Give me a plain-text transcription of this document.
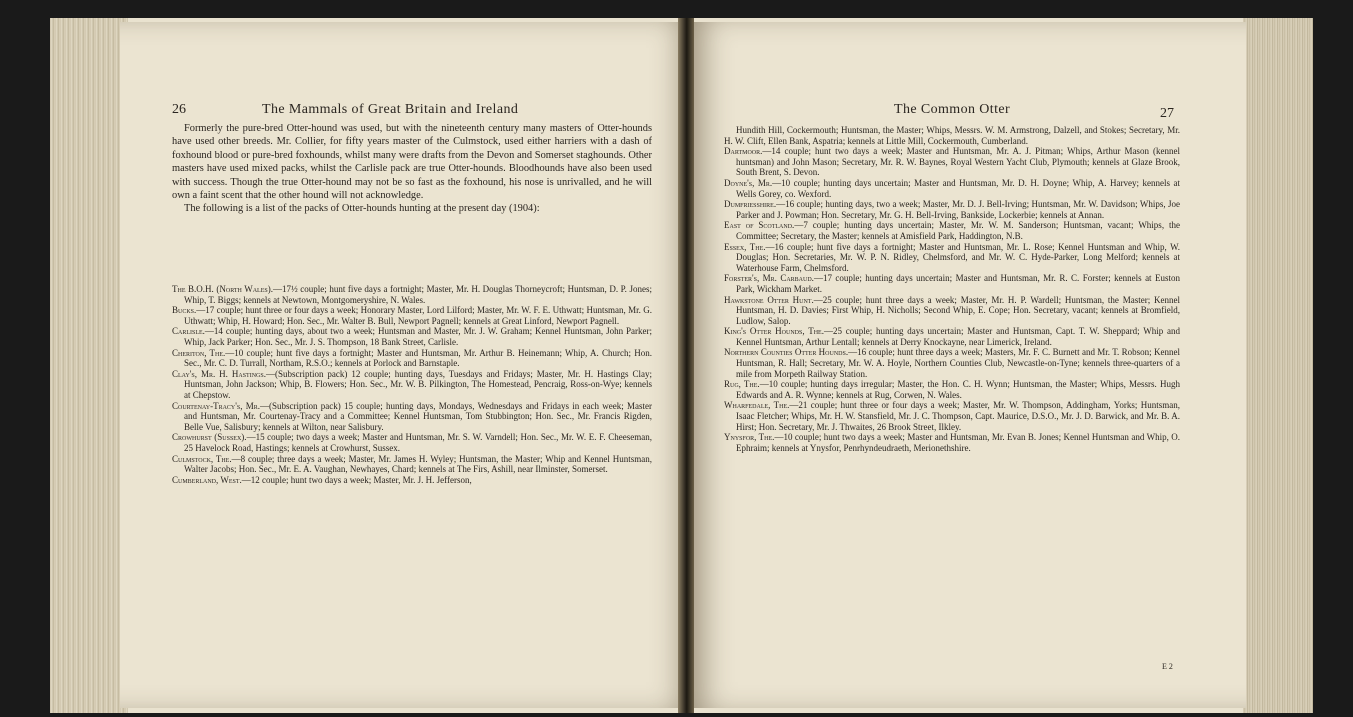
26	The Mammals of Great Britain and Ireland

Formerly the pure-bred Otter-hound was used, but with the nineteenth century many masters of Otter-hounds have used other breeds. Mr. Collier, for fifty years master of the Culmstock, used either harriers with a dash of foxhound blood or pure-bred foxhounds, whilst many were drafts from the Devon and Somerset staghounds. Other masters have used mixed packs, whilst the Carlisle pack are true Otter-hounds. Bloodhounds have also been used with success. Though the true Otter-hound may not be so fast as the foxhound, his nose is unrivalled, and he will own a faint scent that the other hound will not acknowledge.

The following is a list of the packs of Otter-hounds hunting at the present day (1904):

The B.O.H. (North Wales).—17½ couple; hunt five days a fortnight; Master, Mr. H. Douglas Thorneycroft; Huntsman, D. P. Jones; Whip, T. Biggs; kennels at Newtown, Montgomeryshire, N. Wales.

Bucks.—17 couple; hunt three or four days a week; Honorary Master, Lord Lilford; Master, Mr. W. F. E. Uthwatt; Huntsman, Mr. G. Uthwatt; Whip, H. Howard; Hon. Sec., Mr. Walter B. Bull, Newport Pagnell; kennels at Great Linford, Newport Pagnell.

Carlisle.—14 couple; hunting days, about two a week; Huntsman and Master, Mr. J. W. Graham; Kennel Huntsman, John Parker; Whip, Jack Parker; Hon. Sec., Mr. J. S. Thompson, 18 Bank Street, Carlisle.

Cheriton, The.—10 couple; hunt five days a fortnight; Master and Huntsman, Mr. Arthur B. Heinemann; Whip, A. Church; Hon. Sec., Mr. C. D. Turrall, Northam, R.S.O.; kennels at Porlock and Barnstaple.

Clay's, Mr. H. Hastings.—(Subscription pack) 12 couple; hunting days, Tuesdays and Fridays; Master, Mr. H. Hastings Clay; Huntsman, John Jackson; Whip, B. Flowers; Hon. Sec., Mr. W. B. Pilkington, The Homestead, Pencraig, Ross-on-Wye; kennels at Chepstow.

Courtenay-Tracy's, Mr.—(Subscription pack) 15 couple; hunting days, Mondays, Wednesdays and Fridays in each week; Master and Huntsman, Mr. Courtenay-Tracy and a Committee; Kennel Huntsman, Tom Stubbington; Hon. Sec., Mr. Francis Rigden, Belle Vue, Salisbury; kennels at Wilton, near Salisbury.

Crowhurst (Sussex).—15 couple; two days a week; Master and Huntsman, Mr. S. W. Varndell; Hon. Sec., Mr. W. E. F. Cheeseman, 25 Havelock Road, Hastings; kennels at Crowhurst, Sussex.

Culmstock, The.—8 couple; three days a week; Master, Mr. James H. Wyley; Huntsman, the Master; Whip and Kennel Huntsman, Walter Jacobs; Hon. Sec., Mr. E. A. Vaughan, Newhayes, Chard; kennels at The Firs, Ashill, near Ilminster, Somerset.

Cumberland, West.—12 couple; hunt two days a week; Master, Mr. J. H. Jefferson,

The Common Otter	27

Hundith Hill, Cockermouth; Huntsman, the Master; Whips, Messrs. W. M. Armstrong, Dalzell, and Stokes; Secretary, Mr. H. W. Clift, Ellen Bank, Aspatria; kennels at Little Mill, Cockermouth, Cumberland.

Dartmoor.—14 couple; hunt two days a week; Master and Huntsman, Mr. A. J. Pitman; Whips, Arthur Mason (kennel huntsman) and John Mason; Secretary, Mr. R. W. Baynes, Royal Western Yacht Club, Plymouth; kennels at Glaze Brook, South Brent, S. Devon.

Doyne's, Mr.—10 couple; hunting days uncertain; Master and Huntsman, Mr. D. H. Doyne; Whip, A. Harvey; kennels at Wells Gorey, co. Wexford.

Dumfriesshire.—16 couple; hunting days, two a week; Master, Mr. D. J. Bell-Irving; Huntsman, Mr. W. Davidson; Whips, Joe Parker and J. Powman; Hon. Secretary, Mr. G. H. Bell-Irving, Bankside, Lockerbie; kennels at Annan.

East of Scotland.—7 couple; hunting days uncertain; Master, Mr. W. M. Sanderson; Huntsman, vacant; Whips, the Committee; Secretary, the Master; kennels at Amisfield Park, Haddington, N.B.

Essex, The.—16 couple; hunt five days a fortnight; Master and Huntsman, Mr. L. Rose; Kennel Huntsman and Whip, W. Douglas; Hon. Secretaries, Mr. W. P. N. Ridley, Chelmsford, and Mr. W. C. Hyde-Parker, Long Melford; kennels at Waterhouse Farm, Chelmsford.

Forster's, Mr. Carbaud.—17 couple; hunting days uncertain; Master and Huntsman, Mr. R. C. Forster; kennels at Euston Park, Wickham Market.

Hawkstone Otter Hunt.—25 couple; hunt three days a week; Master, Mr. H. P. Wardell; Huntsman, the Master; Kennel Huntsman, H. D. Davies; First Whip, H. Nicholls; Second Whip, E. Cope; Hon. Secretary, vacant; kennels at Bromfield, Ludlow, Salop.

King's Otter Hounds, The.—25 couple; hunting days uncertain; Master and Huntsman, Capt. T. W. Sheppard; Whip and Kennel Huntsman, Arthur Lentall; kennels at Derry Knockayne, near Limerick, Ireland.

Northern Counties Otter Hounds.—16 couple; hunt three days a week; Masters, Mr. F. C. Burnett and Mr. T. Robson; Kennel Huntsman, R. Hall; Secretary, Mr. W. A. Hoyle, Northern Counties Club, Newcastle-on-Tyne; kennels three-quarters of a mile from Morpeth Railway Station.

Rug, The.—10 couple; hunting days irregular; Master, the Hon. C. H. Wynn; Huntsman, the Master; Whips, Messrs. Hugh Edwards and A. R. Wynne; kennels at Rug, Corwen, N. Wales.

Wharfedale, The.—21 couple; hunt three or four days a week; Master, Mr. W. Thompson, Addingham, Yorks; Huntsman, Isaac Fletcher; Whips, Mr. H. W. Stansfield, Mr. J. C. Thompson, Capt. Maurice, D.S.O., Mr. J. D. Barwick, and Mr. B. A. Hirst; Hon. Secretary, Mr. J. Thwaites, 26 Brook Street, Ilkley.

Ynysfor, The.—10 couple; hunt two days a week; Master and Huntsman, Mr. Evan B. Jones; Kennel Huntsman and Whip, O. Ephraim; kennels at Ynysfor, Penrhyndeudraeth, Merionethshire.

E 2
